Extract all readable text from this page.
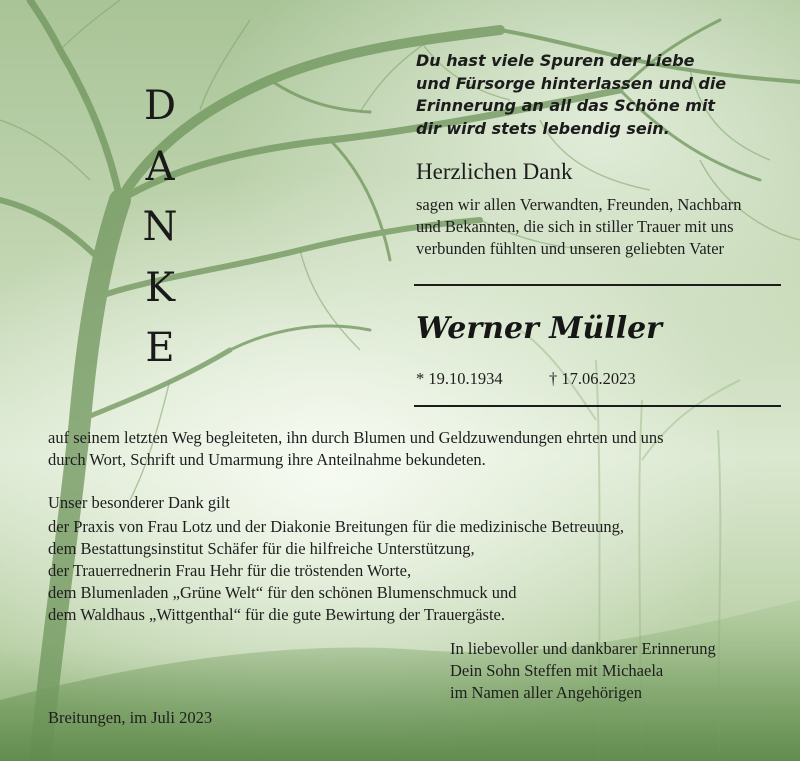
D
A
N
K
E
Du hast viele Spuren der Liebe
und Fürsorge hinterlassen und die
Erinnerung an all das Schöne mit
dir wird stets lebendig sein.
Herzlichen Dank
sagen wir allen Verwandten, Freunden, Nachbarn
und Bekannten, die sich in stiller Trauer mit uns
verbunden fühlten und unseren geliebten Vater
Werner Müller
* 19.10.1934	† 17.06.2023
auf seinem letzten Weg begleiteten, ihn durch Blumen und Geldzuwendungen ehrten und uns
durch Wort, Schrift und Umarmung ihre Anteilnahme bekundeten.
Unser besonderer Dank gilt
der Praxis von Frau Lotz und der Diakonie Breitungen für die medizinische Betreuung,
dem Bestattungsinstitut Schäfer für die hilfreiche Unterstützung,
der Trauerrednerin Frau Hehr für die tröstenden Worte,
dem Blumenladen „Grüne Welt“ für den schönen Blumenschmuck und
dem Waldhaus „Wittgenthal“ für die gute Bewirtung der Trauergäste.
In liebevoller und dankbarer Erinnerung
Dein Sohn Steffen mit Michaela
im Namen aller Angehörigen
Breitungen, im Juli 2023
